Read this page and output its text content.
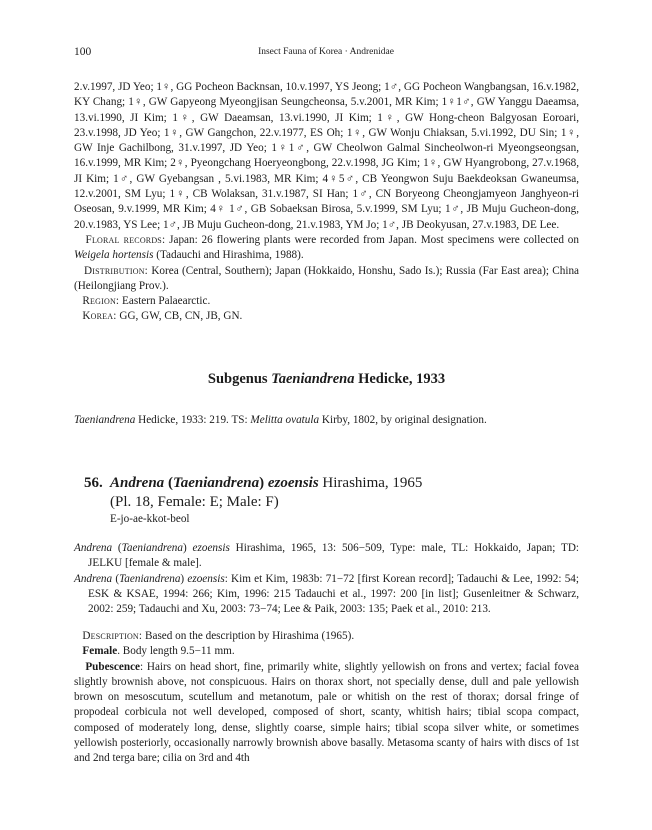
100	Insect Fauna of Korea · Andrenidae

2.v.1997, JD Yeo; 1♀, GG Pocheon Backnsan, 10.v.1997, YS Jeong; 1♂, GG Pocheon Wangbangsan, 16.v.1982, KY Chang; 1♀, GW Gapyeong Myeongjisan Seungcheonsa, 5.v.2001, MR Kim; 1♀1♂, GW Yanggu Daeamsa, 13.vi.1990, JI Kim; 1♀, GW Daeamsan, 13.vi.1990, JI Kim; 1♀, GW Hong-cheon Balgyosan Eoroari, 23.v.1998, JD Yeo; 1♀, GW Gangchon, 22.v.1977, ES Oh; 1♀, GW Wonju Chiaksan, 5.vi.1992, DU Sin; 1♀, GW Inje Gachilbong, 31.v.1997, JD Yeo; 1♀1♂, GW Cheolwon Galmal Sincheolwon-ri Myeongseongsan, 16.v.1999, MR Kim; 2♀, Pyeongchang Hoeryeongbong, 22.v.1998, JG Kim; 1♀, GW Hyangrobong, 27.v.1968, JI Kim; 1♂, GW Gyebangsan , 5.vi.1983, MR Kim; 4♀5♂, CB Yeongwon Suju Baekdeoksan Gwaneumsa, 12.v.2001, SM Lyu; 1♀, CB Wolaksan, 31.v.1987, SI Han; 1♂, CN Boryeong Cheongjamyeon Janghyeon-ri Oseosan, 9.v.1999, MR Kim; 4♀ 1♂, GB Sobaeksan Birosa, 5.v.1999, SM Lyu; 1♂, JB Muju Gucheon-dong, 20.v.1983, YS Lee; 1♂, JB Muju Gucheon-dong, 21.v.1983, YM Jo; 1♂, JB Deokyusan, 27.v.1983, DE Lee.

Floral records: Japan: 26 flowering plants were recorded from Japan. Most specimens were collected on Weigela hortensis (Tadauchi and Hirashima, 1988).

Distribution: Korea (Central, Southern); Japan (Hokkaido, Honshu, Sado Is.); Russia (Far East area); China (Heilongjiang Prov.).

Region: Eastern Palaearctic.

Korea: GG, GW, CB, CN, JB, GN.

Subgenus Taeniandrena Hedicke, 1933
Taeniandrena Hedicke, 1933: 219. TS: Melitta ovatula Kirby, 1802, by original designation.
56. Andrena (Taeniandrena) ezoensis Hirashima, 1965
(Pl. 18, Female: E; Male: F)
E-jo-ae-kkot-beol

Andrena (Taeniandrena) ezoensis Hirashima, 1965, 13: 506−509, Type: male, TL: Hokkaido, Japan; TD: JELKU [female & male].

Andrena (Taeniandrena) ezoensis: Kim et Kim, 1983b: 71−72 [first Korean record]; Tadauchi & Lee, 1992: 54; ESK & KSAE, 1994: 266; Kim, 1996: 215 Tadauchi et al., 1997: 200 [in list]; Gusenleitner & Schwarz, 2002: 259; Tadauchi and Xu, 2003: 73−74; Lee & Paik, 2003: 135; Paek et al., 2010: 213.

Description: Based on the description by Hirashima (1965).

Female. Body length 9.5−11 mm.

Pubescence: Hairs on head short, fine, primarily white, slightly yellowish on frons and vertex; facial fovea slightly brownish above, not conspicuous. Hairs on thorax short, not specially dense, dull and pale yellowish brown on mesoscutum, scutellum and metanotum, pale or whitish on the rest of thorax; dorsal fringe of propodeal corbicula not well developed, composed of short, scanty, whitish hairs; tibial scopa compact, composed of moderately long, dense, slightly coarse, simple hairs; tibial scopa silver white, or sometimes yellowish posteriorly, occasionally narrowly brownish above basally. Metasoma scanty of hairs with discs of 1st and 2nd terga bare; cilia on 3rd and 4th
